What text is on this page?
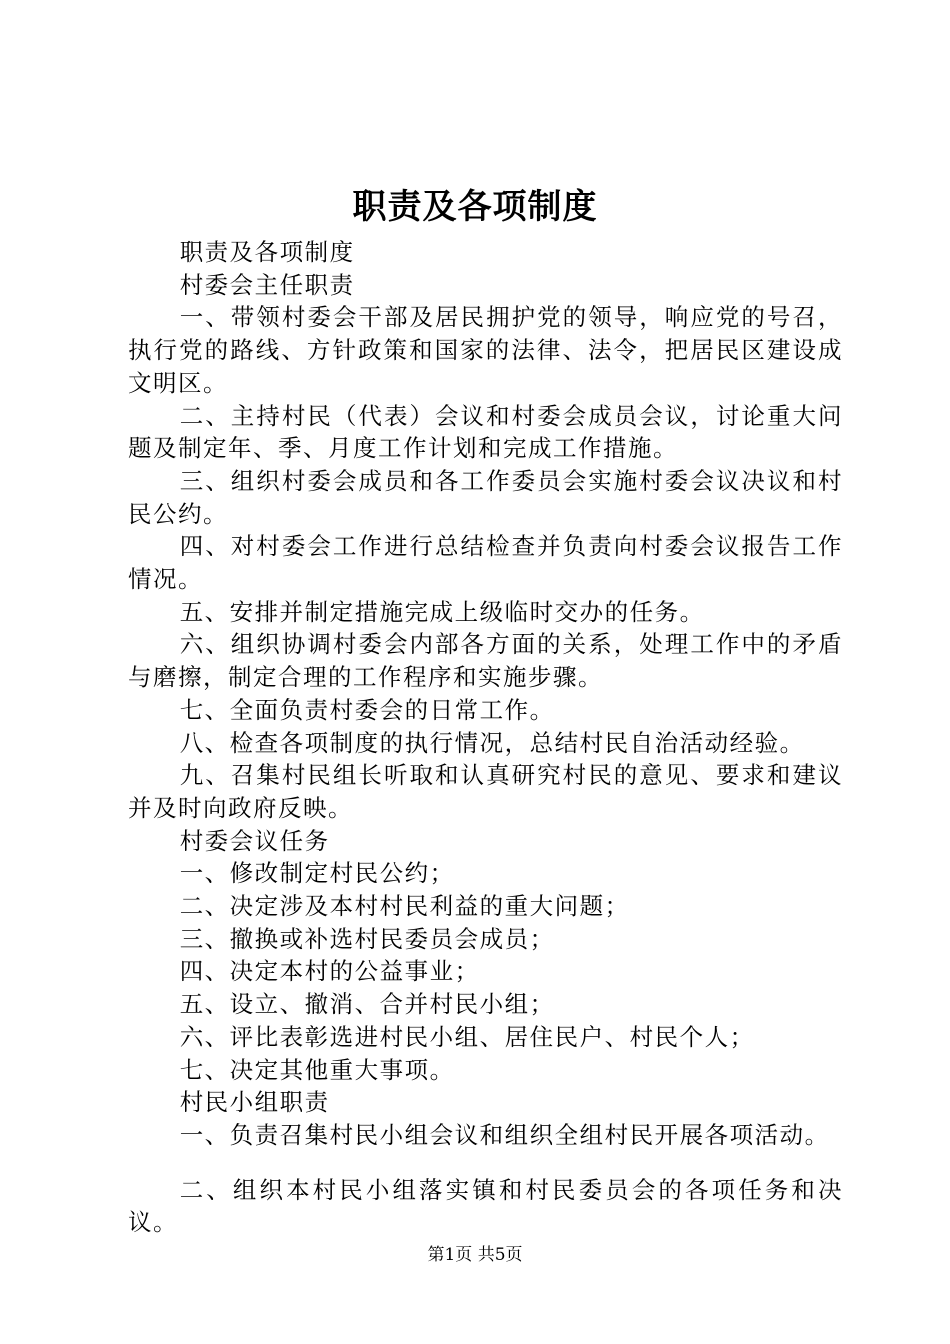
职责及各项制度

职责及各项制度

村委会主任职责

一、带领村委会干部及居民拥护党的领导，响应党的号召，执行党的路线、方针政策和国家的法律、法令，把居民区建设成文明区。

二、主持村民（代表）会议和村委会成员会议，讨论重大问题及制定年、季、月度工作计划和完成工作措施。

三、组织村委会成员和各工作委员会实施村委会议决议和村民公约。

四、对村委会工作进行总结检查并负责向村委会议报告工作情况。

五、安排并制定措施完成上级临时交办的任务。

六、组织协调村委会内部各方面的关系，处理工作中的矛盾与磨擦，制定合理的工作程序和实施步骤。

七、全面负责村委会的日常工作。

八、检查各项制度的执行情况，总结村民自治活动经验。

九、召集村民组长听取和认真研究村民的意见、要求和建议并及时向政府反映。

村委会议任务

一、修改制定村民公约；

二、决定涉及本村村民利益的重大问题；

三、撤换或补选村民委员会成员；

四、决定本村的公益事业；

五、设立、撤消、合并村民小组；

六、评比表彰选进村民小组、居住民户、村民个人；

七、决定其他重大事项。

村民小组职责

一、负责召集村民小组会议和组织全组村民开展各项活动。

二、组织本村民小组落实镇和村民委员会的各项任务和决议。

第1页 共5页
